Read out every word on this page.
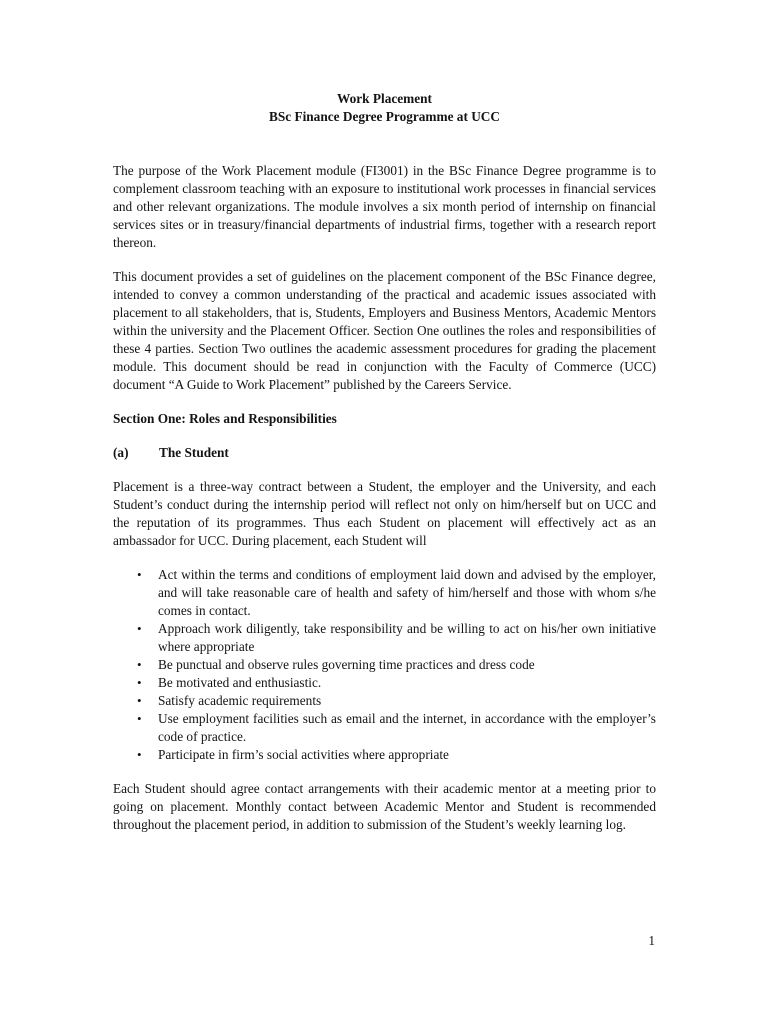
Work Placement
BSc Finance Degree Programme at UCC

The purpose of the Work Placement module (FI3001) in the BSc Finance Degree programme is to complement classroom teaching with an exposure to institutional work processes in financial services and other relevant organizations. The module involves a six month period of internship on financial services sites or in treasury/financial departments of industrial firms, together with a research report thereon.

This document provides a set of guidelines on the placement component of the BSc Finance degree, intended to convey a common understanding of the practical and academic issues associated with placement to all stakeholders, that is, Students, Employers and Business Mentors, Academic Mentors within the university and the Placement Officer. Section One outlines the roles and responsibilities of these 4 parties. Section Two outlines the academic assessment procedures for grading the placement module. This document should be read in conjunction with the Faculty of Commerce (UCC) document “A Guide to Work Placement” published by the Careers Service.

Section One: Roles and Responsibilities
(a)	The Student

Placement is a three-way contract between a Student, the employer and the University, and each Student’s conduct during the internship period will reflect not only on him/herself but on UCC and the reputation of its programmes. Thus each Student on placement will effectively act as an ambassador for UCC. During placement, each Student will

• Act within the terms and conditions of employment laid down and advised by the employer, and will take reasonable care of health and safety of him/herself and those with whom s/he comes in contact.
• Approach work diligently, take responsibility and be willing to act on his/her own initiative where appropriate
• Be punctual and observe rules governing time practices and dress code
• Be motivated and enthusiastic.
• Satisfy academic requirements
• Use employment facilities such as email and the internet, in accordance with the employer’s code of practice.
• Participate in firm’s social activities where appropriate

Each Student should agree contact arrangements with their academic mentor at a meeting prior to going on placement. Monthly contact between Academic Mentor and Student is recommended throughout the placement period, in addition to submission of the Student’s weekly learning log.

1
